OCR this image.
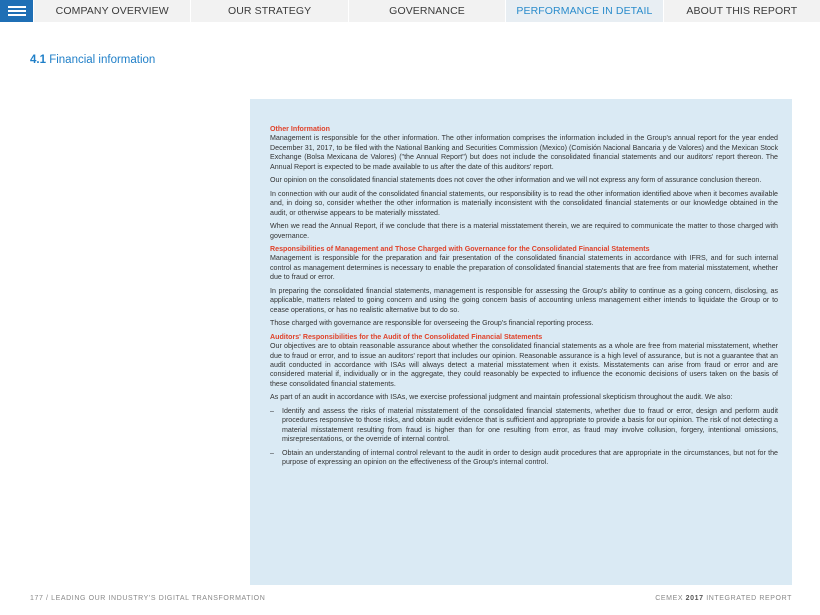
COMPANY OVERVIEW	OUR STRATEGY	GOVERNANCE	PERFORMANCE IN DETAIL	ABOUT THIS REPORT
4.1 Financial information

Other Information

Management is responsible for the other information. The other information comprises the information included in the Group's annual report for the year ended December 31, 2017, to be filed with the National Banking and Securities Commission (Mexico) (Comisión Nacional Bancaria y de Valores) and the Mexican Stock Exchange (Bolsa Mexicana de Valores) ("the Annual Report") but does not include the consolidated financial statements and our auditors' report thereon. The Annual Report is expected to be made available to us after the date of this auditors' report.

Our opinion on the consolidated financial statements does not cover the other information and we will not express any form of assurance conclusion thereon.

In connection with our audit of the consolidated financial statements, our responsibility is to read the other information identified above when it becomes available and, in doing so, consider whether the other information is materially inconsistent with the consolidated financial statements or our knowledge obtained in the audit, or otherwise appears to be materially misstated.

When we read the Annual Report, if we conclude that there is a material misstatement therein, we are required to communicate the matter to those charged with governance.

Responsibilities of Management and Those Charged with Governance for the Consolidated Financial Statements

Management is responsible for the preparation and fair presentation of the consolidated financial statements in accordance with IFRS, and for such internal control as management determines is necessary to enable the preparation of consolidated financial statements that are free from material misstatement, whether due to fraud or error.

In preparing the consolidated financial statements, management is responsible for assessing the Group's ability to continue as a going concern, disclosing, as applicable, matters related to going concern and using the going concern basis of accounting unless management either intends to liquidate the Group or to cease operations, or has no realistic alternative but to do so.

Those charged with governance are responsible for overseeing the Group's financial reporting process.

Auditors' Responsibilities for the Audit of the Consolidated Financial Statements

Our objectives are to obtain reasonable assurance about whether the consolidated financial statements as a whole are free from material misstatement, whether due to fraud or error, and to issue an auditors' report that includes our opinion. Reasonable assurance is a high level of assurance, but is not a guarantee that an audit conducted in accordance with ISAs will always detect a material misstatement when it exists. Misstatements can arise from fraud or error and are considered material if, individually or in the aggregate, they could reasonably be expected to influence the economic decisions of users taken on the basis of these consolidated financial statements.

As part of an audit in accordance with ISAs, we exercise professional judgment and maintain professional skepticism throughout the audit. We also:

–	Identify and assess the risks of material misstatement of the consolidated financial statements, whether due to fraud or error, design and perform audit procedures responsive to those risks, and obtain audit evidence that is sufficient and appropriate to provide a basis for our opinion. The risk of not detecting a material misstatement resulting from fraud is higher than for one resulting from error, as fraud may involve collusion, forgery, intentional omissions, misrepresentations, or the override of internal control.
–	Obtain an understanding of internal control relevant to the audit in order to design audit procedures that are appropriate in the circumstances, but not for the purpose of expressing an opinion on the effectiveness of the Group's internal control.
177 / LEADING OUR INDUSTRY'S DIGITAL TRANSFORMATION	CEMEX 2017 INTEGRATED REPORT
